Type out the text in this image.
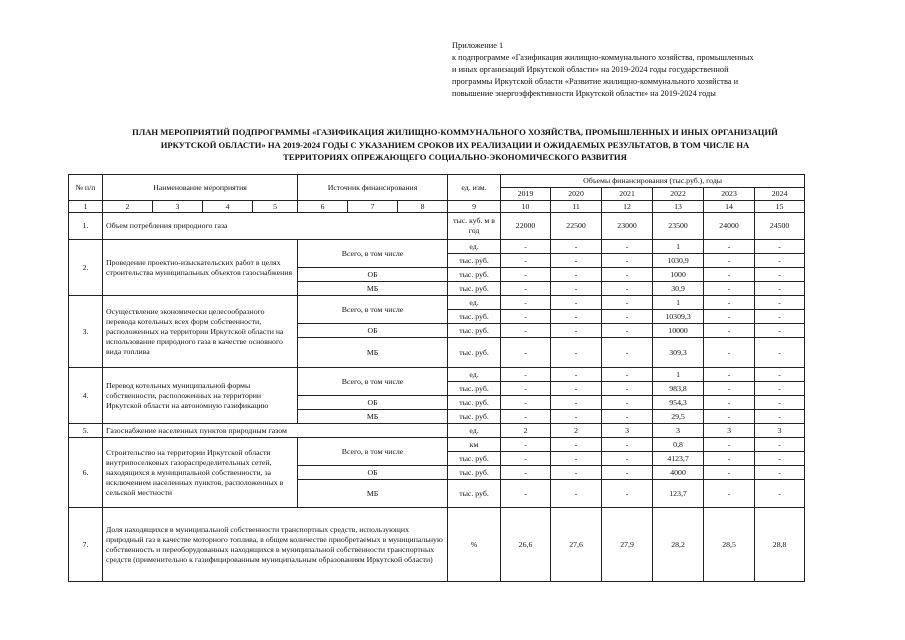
Приложение 1
к подпрограмме «Газификация жилищно-коммунального хозяйства, промышленных
и иных организаций Иркутской области» на 2019-2024 годы государственной
программы Иркутской области «Развитие жилищно-коммунального хозяйства и
повышение энергоэффективности Иркутской области» на 2019-2024 годы
ПЛАН МЕРОПРИЯТИЙ ПОДПРОГРАММЫ «ГАЗИФИКАЦИЯ ЖИЛИЩНО-КОММУНАЛЬНОГО ХОЗЯЙСТВА, ПРОМЫШЛЕННЫХ И ИНЫХ ОРГАНИЗАЦИЙ
ИРКУТСКОЙ ОБЛАСТИ» НА 2019-2024 ГОДЫ С УКАЗАНИЕМ СРОКОВ ИХ РЕАЛИЗАЦИИ И ОЖИДАЕМЫХ РЕЗУЛЬТАТОВ, В ТОМ ЧИСЛЕ НА
ТЕРРИТОРИЯХ ОПРЕЖАЮЩЕГО СОЦИАЛЬНО-ЭКОНОМИЧЕСКОГО РАЗВИТИЯ
№ п/п	Наименование мероприятия				Источник финансирования			ед. изм.	Объемы финансирования (тыс.руб.), годы					
									2019	2020	2021	2022	2023	2024
1	2	3	4	5	6	7	8	9	10	11	12	13	14	15
1.	Объем потребления природного газа							тыс. куб. м в год	22000	22500	23000	23500	24000	24500
2.	Проведение проектно-изыскательских работ в целях строительства муниципальных объектов газоснабжения				Всего, в том числе			ед.	-	-	-	1	-	-
								тыс. руб.	-	-	-	1030,9	-	-
					ОБ			тыс. руб.	-	-	-	1000	-	-
					МБ			тыс. руб.	-	-	-	30,9	-	-
3.	Осуществление экономически целесообразного перевода котельных всех форм собственности, расположенных на территории Иркутской области на использование природного газа в качестве основного вида топлива				Всего, в том числе			ед.	-	-	-	1	-	-
								тыс. руб.	-	-	-	10309,3	-	-
					ОБ			тыс. руб.	-	-	-	10000	-	-
					МБ			тыс. руб.	-	-	-	309,3	-	-
4.	Перевод котельных муниципальной формы собственности, расположенных на территории Иркутской области на автономную газификацию				Всего, в том числе			ед.	-	-	-	1	-	-
								тыс. руб.	-	-	-	983,8	-	-
					ОБ			тыс. руб.	-	-	-	954,3	-	-
					МБ			тыс. руб.	-	-	-	29,5	-	-
5.	Газоснабжение населенных пунктов природным газом							ед.	2	2	3	3	3	3
6.	Строительство на территории Иркутской области внутрипоселковых газораспределительных сетей, находящихся в муниципальной собственности, за исключением населенных пунктов, расположенных в сельской местности				Всего, в том числе			км	-	-	-	0,8	-	-
								тыс. руб.	-	-	-	4123,7	-	-
					ОБ			тыс. руб.	-	-	-	4000	-	-
					МБ			тыс. руб.	-	-	-	123,7	-	-
7.	Доля находящихся в муниципальной собственности транспортных средств, использующих природный газ в качестве моторного топлива, в общем количестве приобретаемых в муниципальную собственность и переоборудованных находящихся в муниципальной собственности транспортных средств (применительно к газифицированным муниципальным образованиям Иркутской области)							%	26,6	27,6	27,9	28,2	28,5	28,8
